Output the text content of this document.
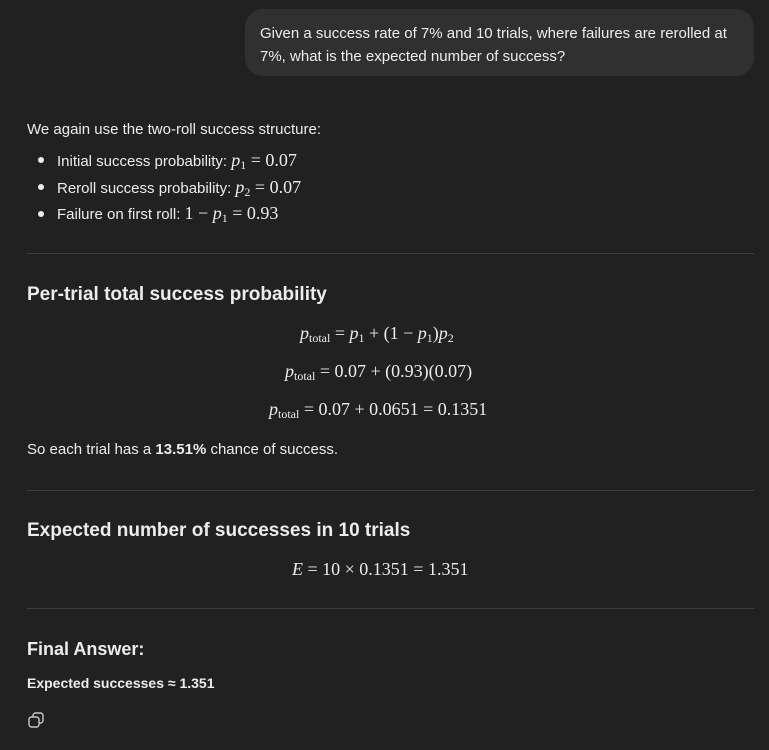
Given a success rate of 7% and 10 trials, where failures are rerolled at 7%, what is the expected number of success?
We again use the two-roll success structure:
Initial success probability: $p_1 = 0.07$
Reroll success probability: $p_2 = 0.07$
Failure on first roll: $1 - p_1 = 0.93$
Per-trial total success probability
$p_{total} = p_1 + (1 - p_1)p_2$
$p_{total} = 0.07 + (0.93)(0.07)$
$p_{total} = 0.07 + 0.0651 = 0.1351$
So each trial has a 13.51% chance of success.
Expected number of successes in 10 trials
E = 10 × 0.1351 = 1.351
Final Answer:
Expected successes ≈ 1.351
